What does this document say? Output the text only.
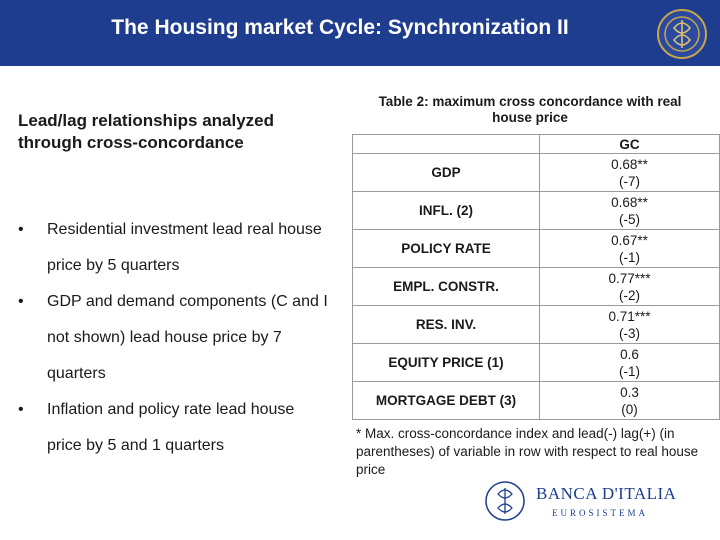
The Housing market Cycle: Synchronization II
Lead/lag relationships analyzed through cross-concordance
• Residential investment lead real house price by 5 quarters

• GDP and demand components (C and I not shown) lead house price by 7 quarters

• Inflation and policy rate lead house price by 5 and 1 quarters

Table 2: maximum cross concordance with real house price
	GC
GDP	0.68**
(-7)
INFL. (2)	0.68**
(-5)
POLICY RATE	0.67**
(-1)
EMPL. CONSTR.	0.77***
(-2)
RES. INV.	0.71***
(-3)
EQUITY PRICE (1)	0.6
(-1)
MORTGAGE DEBT (3)	0.3
(0)
* Max. cross-concordance index and lead(-) lag(+) (in parentheses) of variable in row with respect to real house price
BANCA D'ITALIA
EUROSISTEMA
